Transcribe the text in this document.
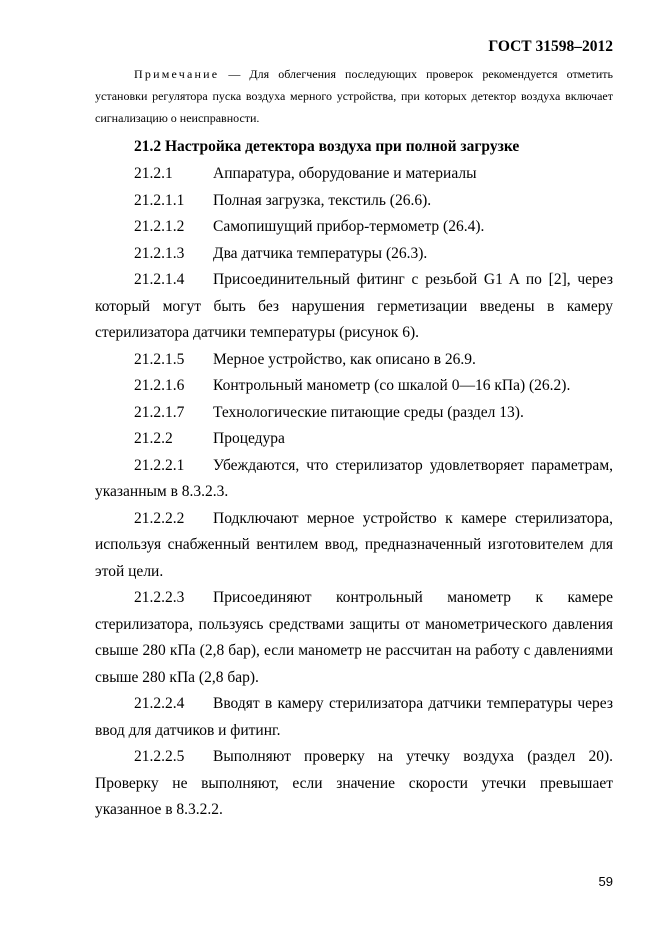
ГОСТ 31598–2012

Примечание — Для облегчения последующих проверок рекомендуется отметить установки регулятора пуска воздуха мерного устройства, при которых детектор воздуха включает сигнализацию о неисправности.

21.2 Настройка детектора воздуха при полной загрузке

21.2.1	Аппаратура, оборудование и материалы

21.2.1.1 Полная загрузка, текстиль (26.6).

21.2.1.2 Самопишущий прибор-термометр (26.4).

21.2.1.3 Два датчика температуры (26.3).

21.2.1.4 Присоединительный фитинг с резьбой G1 A по [2], через который могут быть без нарушения герметизации введены в камеру стерилизатора датчики температуры (рисунок 6).

21.2.1.5 Мерное устройство, как описано в 26.9.

21.2.1.6 Контрольный манометр (со шкалой 0—16 кПа) (26.2).

21.2.1.7 Технологические питающие среды (раздел 13).

21.2.2	Процедура

21.2.2.1 Убеждаются, что стерилизатор удовлетворяет параметрам, указанным в 8.3.2.3.

21.2.2.2 Подключают мерное устройство к камере стерилизатора, используя снабженный вентилем ввод, предназначенный изготовителем для этой цели.

21.2.2.3 Присоединяют контрольный манометр к камере стерилизатора, пользуясь средствами защиты от манометрического давления свыше 280 кПа (2,8 бар), если манометр не рассчитан на работу с давлениями свыше 280 кПа (2,8 бар).

21.2.2.4 Вводят в камеру стерилизатора датчики температуры через ввод для датчиков и фитинг.

21.2.2.5 Выполняют проверку на утечку воздуха (раздел 20). Проверку не выполняют, если значение скорости утечки превышает указанное в 8.3.2.2.

59
